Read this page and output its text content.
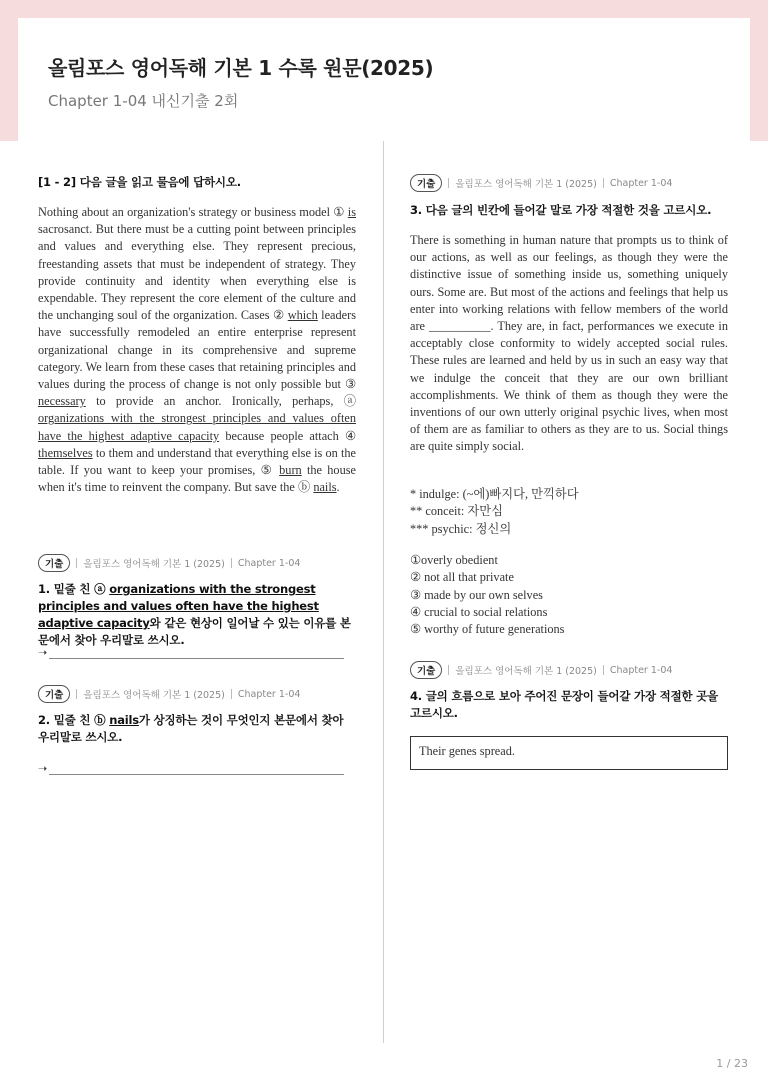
올림포스 영어독해 기본 1 수록 원문(2025)
Chapter 1-04 내신기출 2회
[1 - 2] 다음 글을 읽고 물음에 답하시오.
Nothing about an organization's strategy or business model ① is sacrosanct. But there must be a cutting point between principles and values and everything else. They represent precious, freestanding assets that must be independent of strategy. They provide continuity and identity when everything else is expendable. They represent the core element of the culture and the unchanging soul of the organization. Cases ② which leaders have successfully remodeled an entire enterprise represent organizational change in its comprehensive and supreme category. We learn from these cases that retaining principles and values during the process of change is not only possible but ③ necessary to provide an anchor. Ironically, perhaps, ⓐ organizations with the strongest principles and values often have the highest adaptive capacity because people attach ④ themselves to them and understand that everything else is on the table. If you want to keep your promises, ⑤ burn the house when it's time to reinvent the company. But save the ⓑ nails.
기출	올림포스 영어독해 기본 1 (2025) Chapter 1-04
1. 밑줄 친 ⓐ organizations with the strongest principles and values often have the highest adaptive capacity와 같은 현상이 일어날 수 있는 이유를 본문에서 찾아 우리말로 쓰시오.
➝
기출	올림포스 영어독해 기본 1 (2025) Chapter 1-04
2. 밑줄 친 ⓑ nails가 상징하는 것이 무엇인지 본문에서 찾아 우리말로 쓰시오.
➝
기출	올림포스 영어독해 기본 1 (2025) Chapter 1-04
3. 다음 글의 빈칸에 들어갈 말로 가장 적절한 것을 고르시오.
There is something in human nature that prompts us to think of our actions, as well as our feelings, as though they were the distinctive issue of something inside us, something uniquely ours. Some are. But most of the actions and feelings that help us enter into working relations with fellow members of the world are __________. They are, in fact, performances we execute in acceptably close conformity to widely accepted social rules. These rules are learned and held by us in such an easy way that we indulge the conceit that they are our own brilliant accomplishments. We think of them as though they were the inventions of our own utterly original psychic lives, when most of them are as familiar to others as they are to us. Social things are quite simply social.
* indulge: (~에)빠지다, 만끽하다
** conceit: 자만심
*** psychic: 정신의
①overly obedient
② not all that private
③ made by our own selves
④ crucial to social relations
⑤ worthy of future generations
기출	올림포스 영어독해 기본 1 (2025) Chapter 1-04
4. 글의 흐름으로 보아 주어진 문장이 들어갈 가장 적절한 곳을 고르시오.
Their genes spread.
1 / 23
